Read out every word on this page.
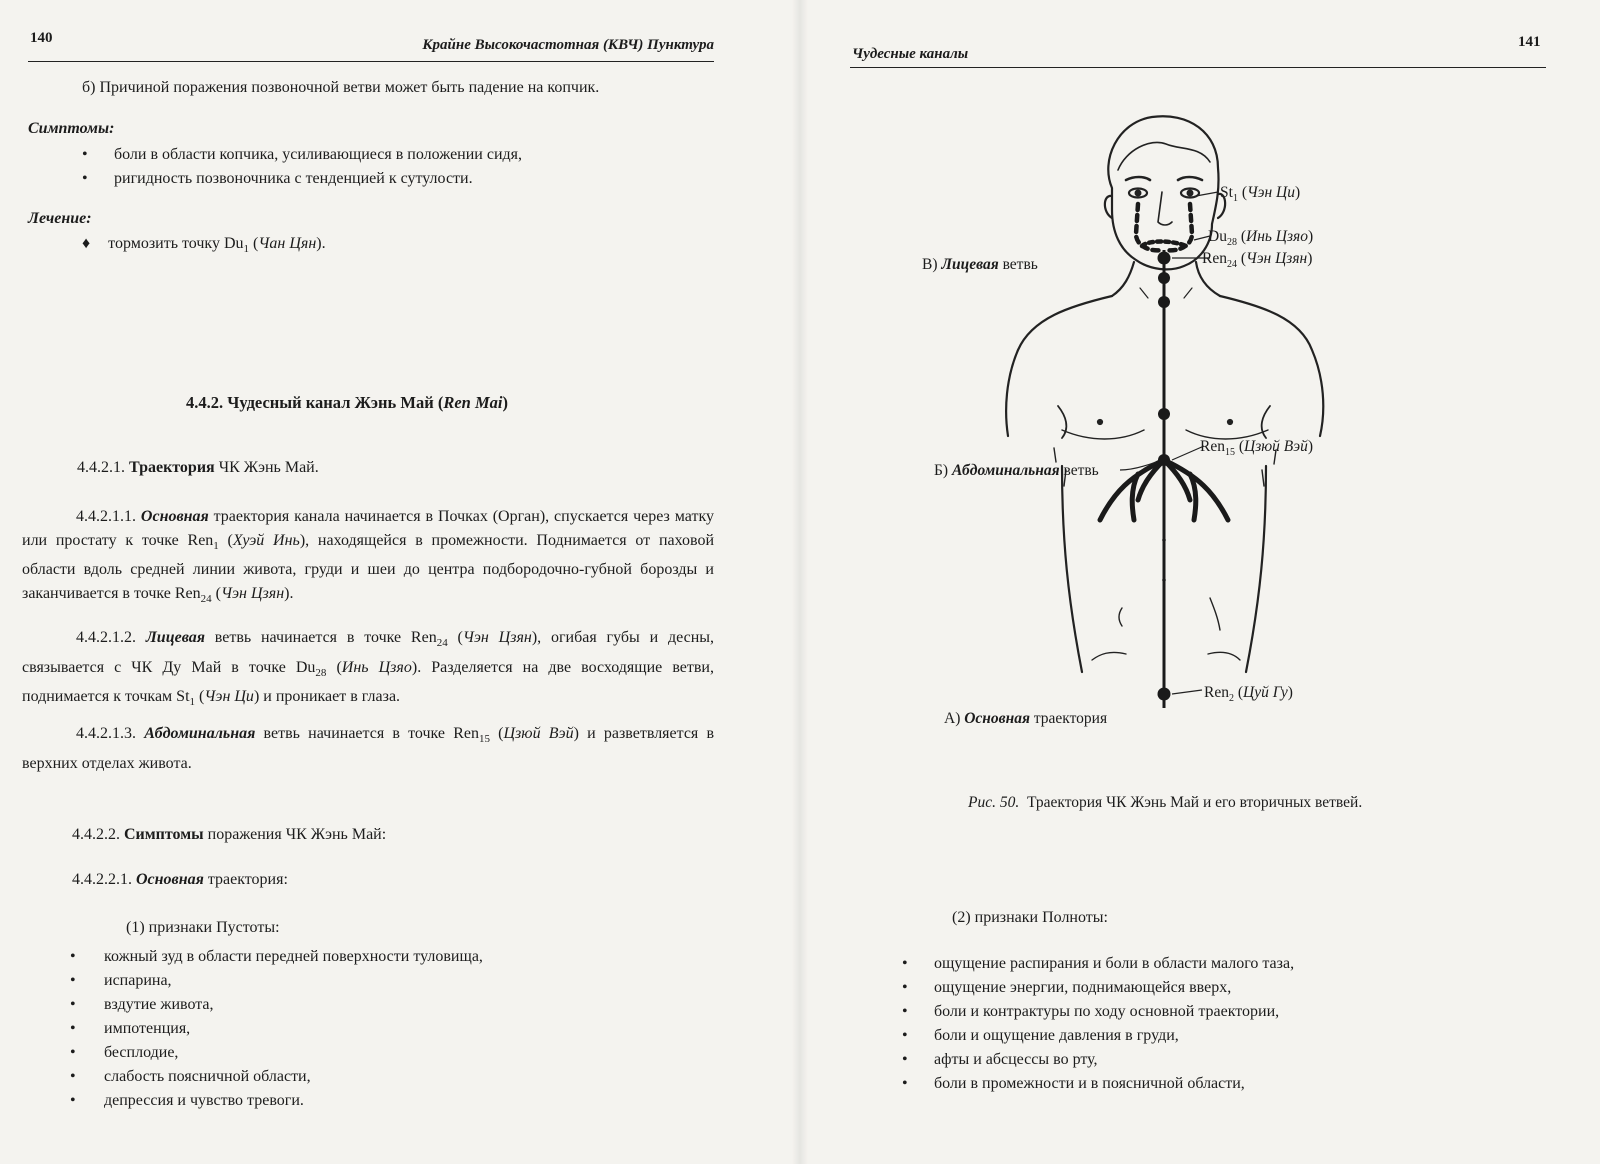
140	Крайне Высокочастотная (КВЧ) Пунктура
б) Причиной поражения позвоночной ветви может быть падение на копчик.
Симптомы:
• боли в области копчика, усиливающиеся в положении сидя,
• ригидность позвоночника с тенденцией к сутулости.
Лечение:
♦ тормозить точку $Du_1$ (Чан Цян).
4.4.2. Чудесный канал Жэнь Май (Ren Mai)
4.4.2.1. Траектория ЧК Жэнь Май.
4.4.2.1.1. Основная траектория канала начинается в Почках (Орган), спускается через матку или простату к точке Ren$_1$ (Хуэй Инь), находящейся в промежности. Поднимается от паховой области вдоль средней линии живота, груди и шеи до центра подбородочно-губной борозды и заканчивается в точке Ren$_{24}$ (Чэн Цзян).
4.4.2.1.2. Лицевая ветвь начинается в точке Ren$_{24}$ (Чэн Цзян), огибая губы и десны, связывается с ЧК Ду Май в точке $Du_{28}$ (Инь Цзяо). Разделяется на две восходящие ветви, поднимается к точкам $St_1$ (Чэн Ци) и проникает в глаза.
4.4.2.1.3. Абдоминальная ветвь начинается в точке Ren$_{15}$ (Цзюй Вэй) и разветвляется в верхних отделах живота.
4.4.2.2. Симптомы поражения ЧК Жэнь Май:
4.4.2.2.1. Основная траектория:
(1) признаки Пустоты:
• кожный зуд в области передней поверхности туловища,
• испарина,
• вздутие живота,
• импотенция,
• бесплодие,
• слабость поясничной области,
• депрессия и чувство тревоги.
141
Чудесные каналы
$St_1$ (Чэн Ци)
$Du_{28}$ (Инь Цзяо)
Ren$_{24}$ (Чэн Цзян)
В) Лицевая ветвь
Ren$_{15}$ (Цзюй Вэй)
Б) Абдоминальная ветвь
Ren$_2$ (Цуй Гу)
А) Основная траектория
Рис. 50. Траектория ЧК Жэнь Май и его вторичных ветвей.
(2) признаки Полноты:
• ощущение распирания и боли в области малого таза,
• ощущение энергии, поднимающейся вверх,
• боли и контрактуры по ходу основной траектории,
• боли и ощущение давления в груди,
• афты и абсцессы во рту,
• боли в промежности и в поясничной области,
